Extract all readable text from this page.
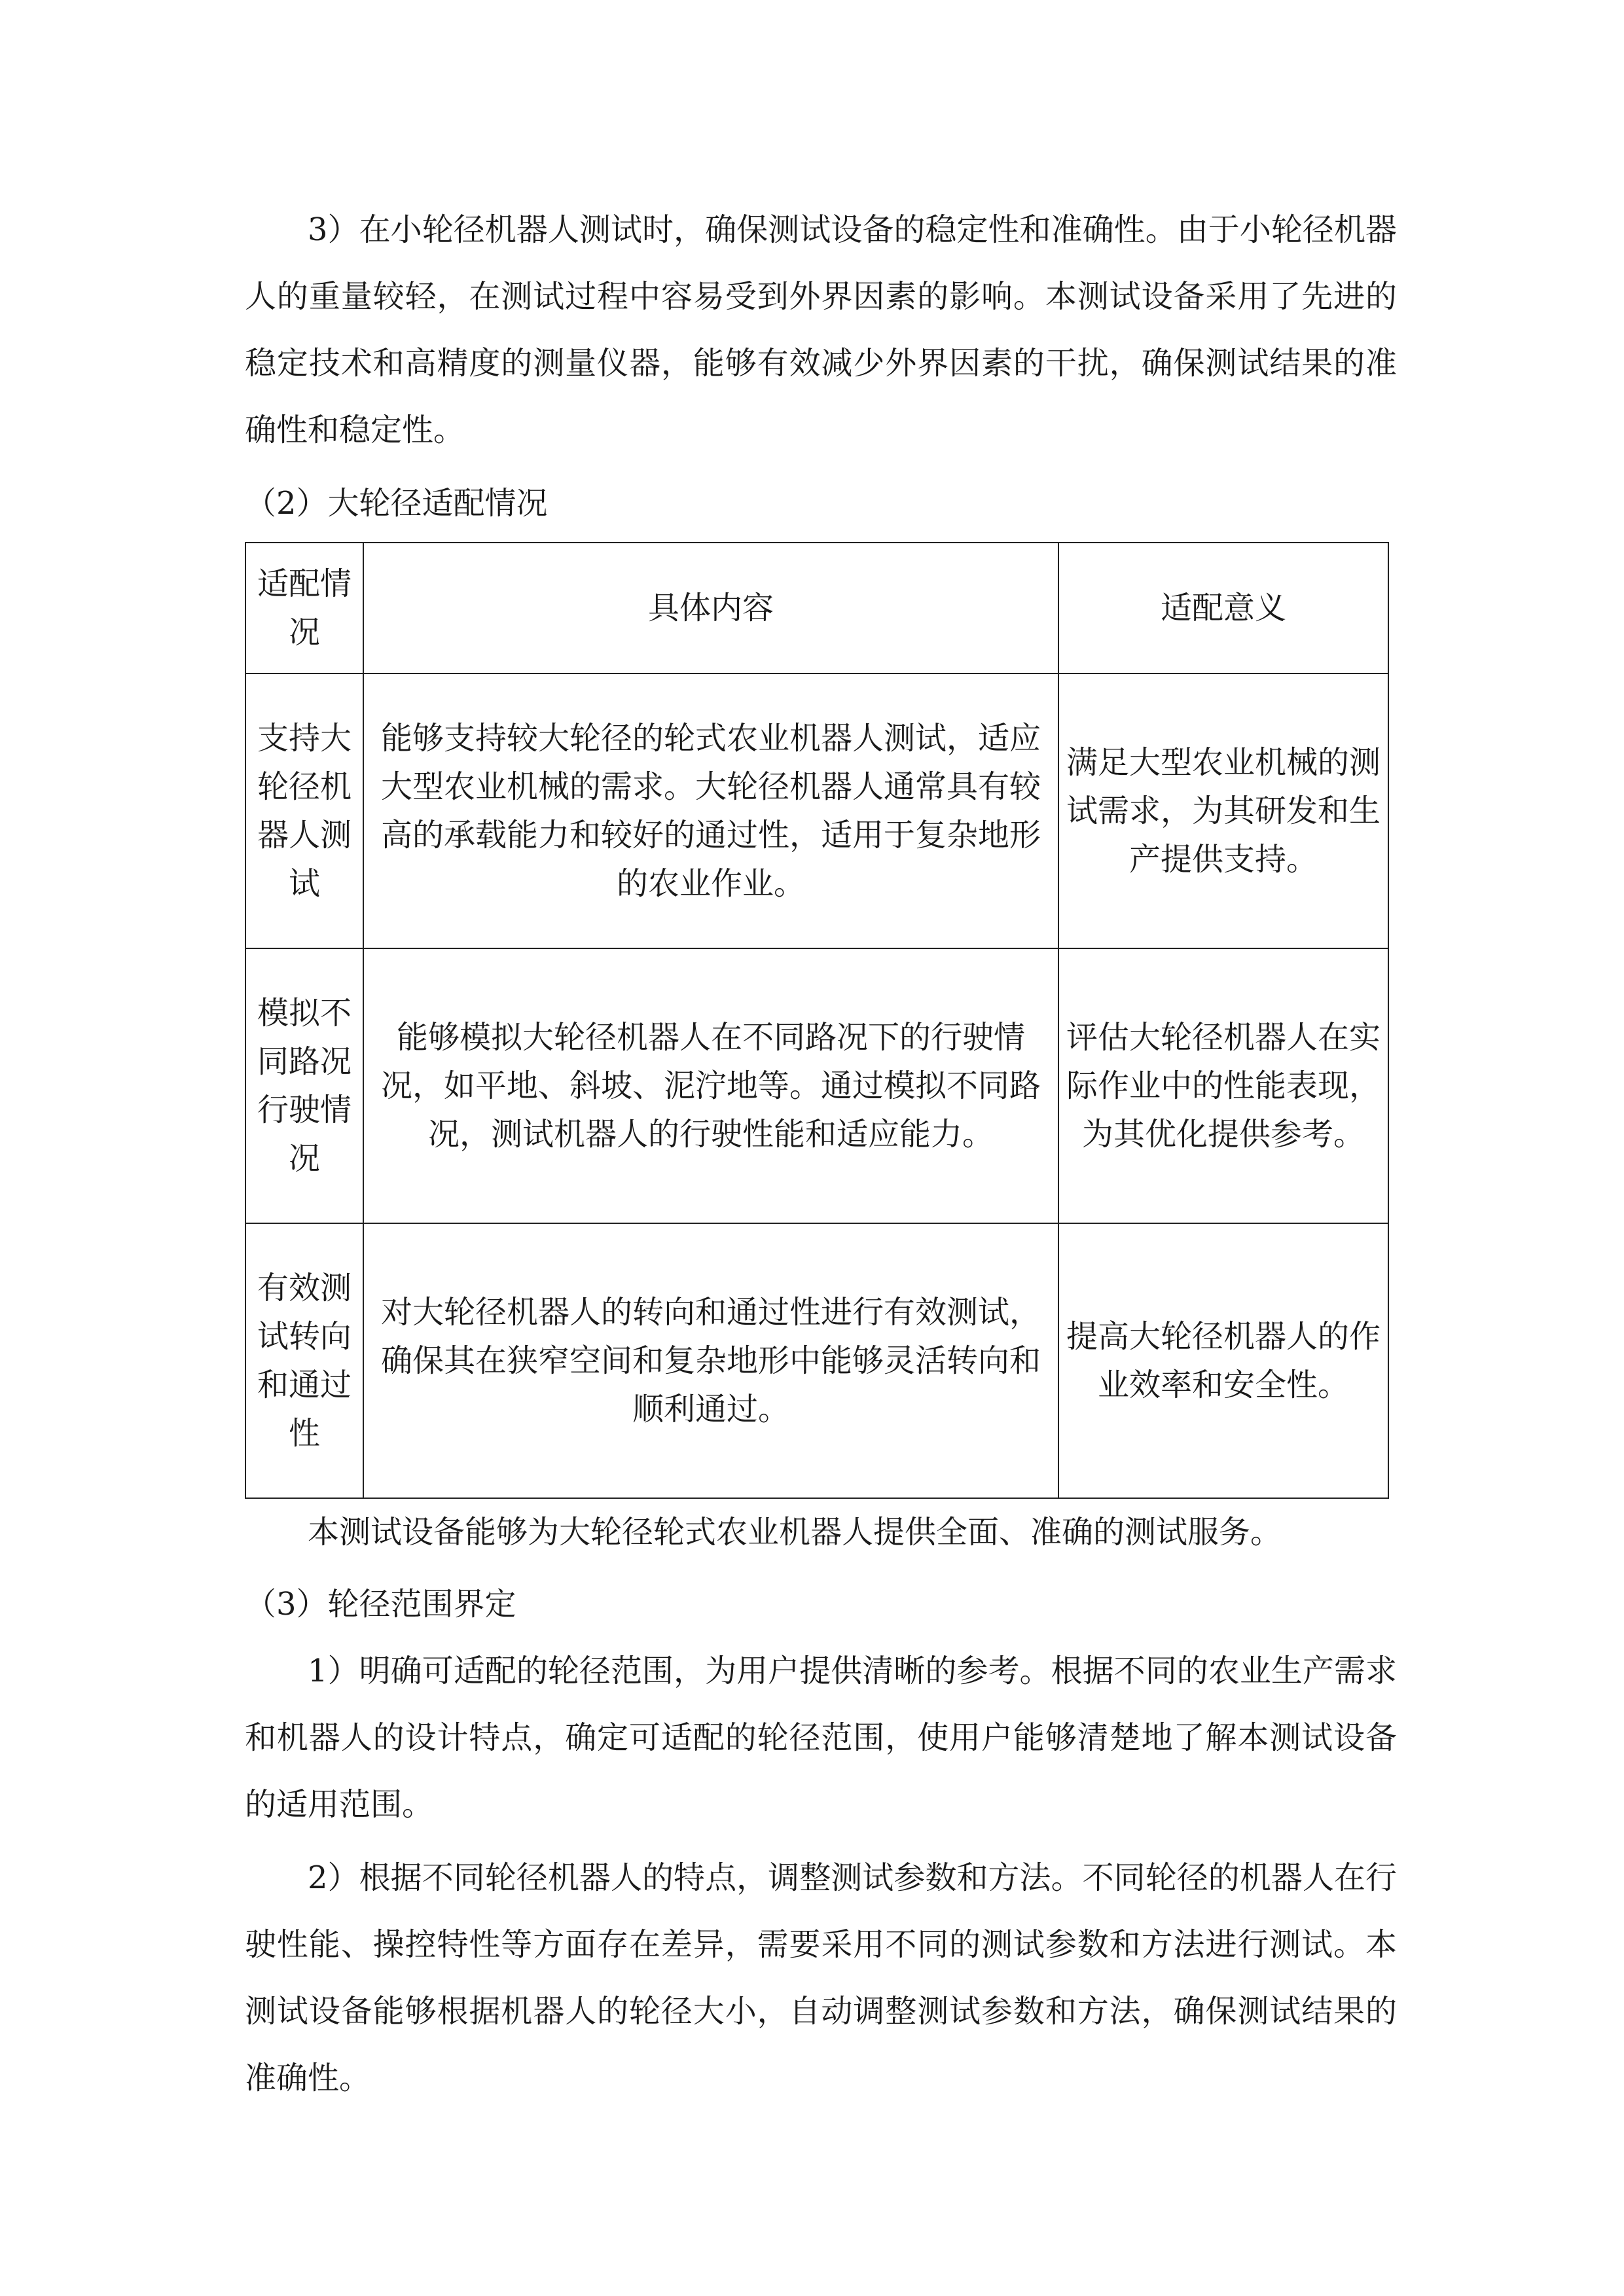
3）在小轮径机器人测试时，确保测试设备的稳定性和准确性。由于小轮径机器人的重量较轻，在测试过程中容易受到外界因素的影响。本测试设备采用了先进的稳定技术和高精度的测量仪器，能够有效减少外界因素的干扰，确保测试结果的准确性和稳定性。

（2）大轮径适配情况

适配情况	具体内容	适配意义
支持大轮径机器人测试	能够支持较大轮径的轮式农业机器人测试，适应大型农业机械的需求。大轮径机器人通常具有较高的承载能力和较好的通过性，适用于复杂地形的农业作业。	满足大型农业机械的测试需求，为其研发和生产提供支持。
模拟不同路况行驶情况	能够模拟大轮径机器人在不同路况下的行驶情况，如平地、斜坡、泥泞地等。通过模拟不同路况，测试机器人的行驶性能和适应能力。	评估大轮径机器人在实际作业中的性能表现，为其优化提供参考。
有效测试转向和通过性	对大轮径机器人的转向和通过性进行有效测试，确保其在狭窄空间和复杂地形中能够灵活转向和顺利通过。	提高大轮径机器人的作业效率和安全性。

本测试设备能够为大轮径轮式农业机器人提供全面、准确的测试服务。

（3）轮径范围界定

1）明确可适配的轮径范围，为用户提供清晰的参考。根据不同的农业生产需求和机器人的设计特点，确定可适配的轮径范围，使用户能够清楚地了解本测试设备的适用范围。

2）根据不同轮径机器人的特点，调整测试参数和方法。不同轮径的机器人在行驶性能、操控特性等方面存在差异，需要采用不同的测试参数和方法进行测试。本测试设备能够根据机器人的轮径大小，自动调整测试参数和方法，确保测试结果的准确性。
